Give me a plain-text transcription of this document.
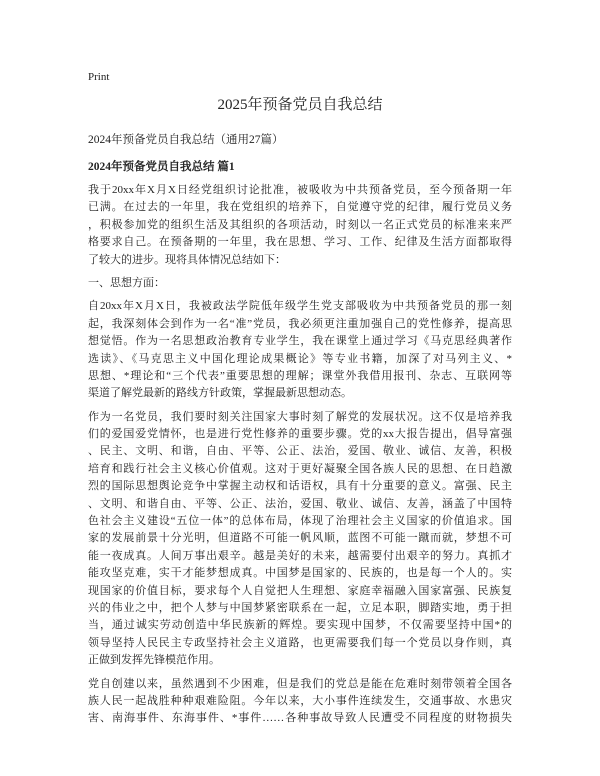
Print
2025年预备党员自我总结
2024年预备党员自我总结（通用27篇）
2024年预备党员自我总结 篇1
我于20xx年X月X日经党组织讨论批准，被吸收为中共预备党员，至今预备期一年
已满。在过去的一年里，我在党组织的培养下，自觉遵守党的纪律，履行党员义务
，积极参加党的组织生活及其组织的各项活动，时刻以一名正式党员的标准来来严
格要求自己。在预备期的一年里，我在思想、学习、工作、纪律及生活方面都取得
了较大的进步。现将具体情况总结如下：
一、思想方面：
自20xx年X月X日，我被政法学院低年级学生党支部吸收为中共预备党员的那一刻
起，我深刻体会到作为一名“准”党员，我必须更注重加强自己的党性修养，提高思
想觉悟。作为一名思想政治教育专业学生，我在课堂上通过学习《马克思经典著作
选读》、《马克思主义中国化理论成果概论》等专业书籍，加深了对马列主义、*
思想、*理论和“三个代表”重要思想的理解；课堂外我借用报刊、杂志、互联网等
渠道了解党最新的路线方针政策，掌握最新思想动态。
作为一名党员，我们要时刻关注国家大事时刻了解党的发展状况。这不仅是培养我
们的爱国爱党情怀，也是进行党性修养的重要步骤。党的xx大报告提出，倡导富强
、民主、文明、和谐，自由、平等、公正、法治，爱国、敬业、诚信、友善，积极
培育和践行社会主义核心价值观。这对于更好凝聚全国各族人民的思想、在日趋激
烈的国际思想舆论竞争中掌握主动权和话语权，具有十分重要的意义。富强、民主
、文明、和谐自由、平等、公正、法治，爱国、敬业、诚信、友善，涵盖了中国特
色社会主义建设“五位一体”的总体布局，体现了治理社会主义国家的价值追求。国
家的发展前景十分光明，但道路不可能一帆风顺，蓝图不可能一蹴而就，梦想不可
能一夜成真。人间万事出艰辛。越是美好的未来，越需要付出艰辛的努力。真抓才
能攻坚克难，实干才能梦想成真。中国梦是国家的、民族的，也是每一个人的。实
现国家的价值目标，要求每个人自觉把人生理想、家庭幸福融入国家富强、民族复
兴的伟业之中，把个人梦与中国梦紧密联系在一起，立足本职，脚踏实地，勇于担
当，通过诚实劳动创造中华民族新的辉煌。要实现中国梦，不仅需要坚持中国*的
领导坚持人民民主专政坚持社会主义道路，也更需要我们每一个党员以身作则，真
正做到发挥先锋模范作用。
党自创建以来，虽然遇到不少困难，但是我们的党总是能在危难时刻带领着全国各
族人民一起战胜种种艰难险阻。今年以来，大小事件连续发生，交通事故、水患灾
害、南海事件、东海事件、*事件……各种事故导致人民遭受不同程度的财物损失
